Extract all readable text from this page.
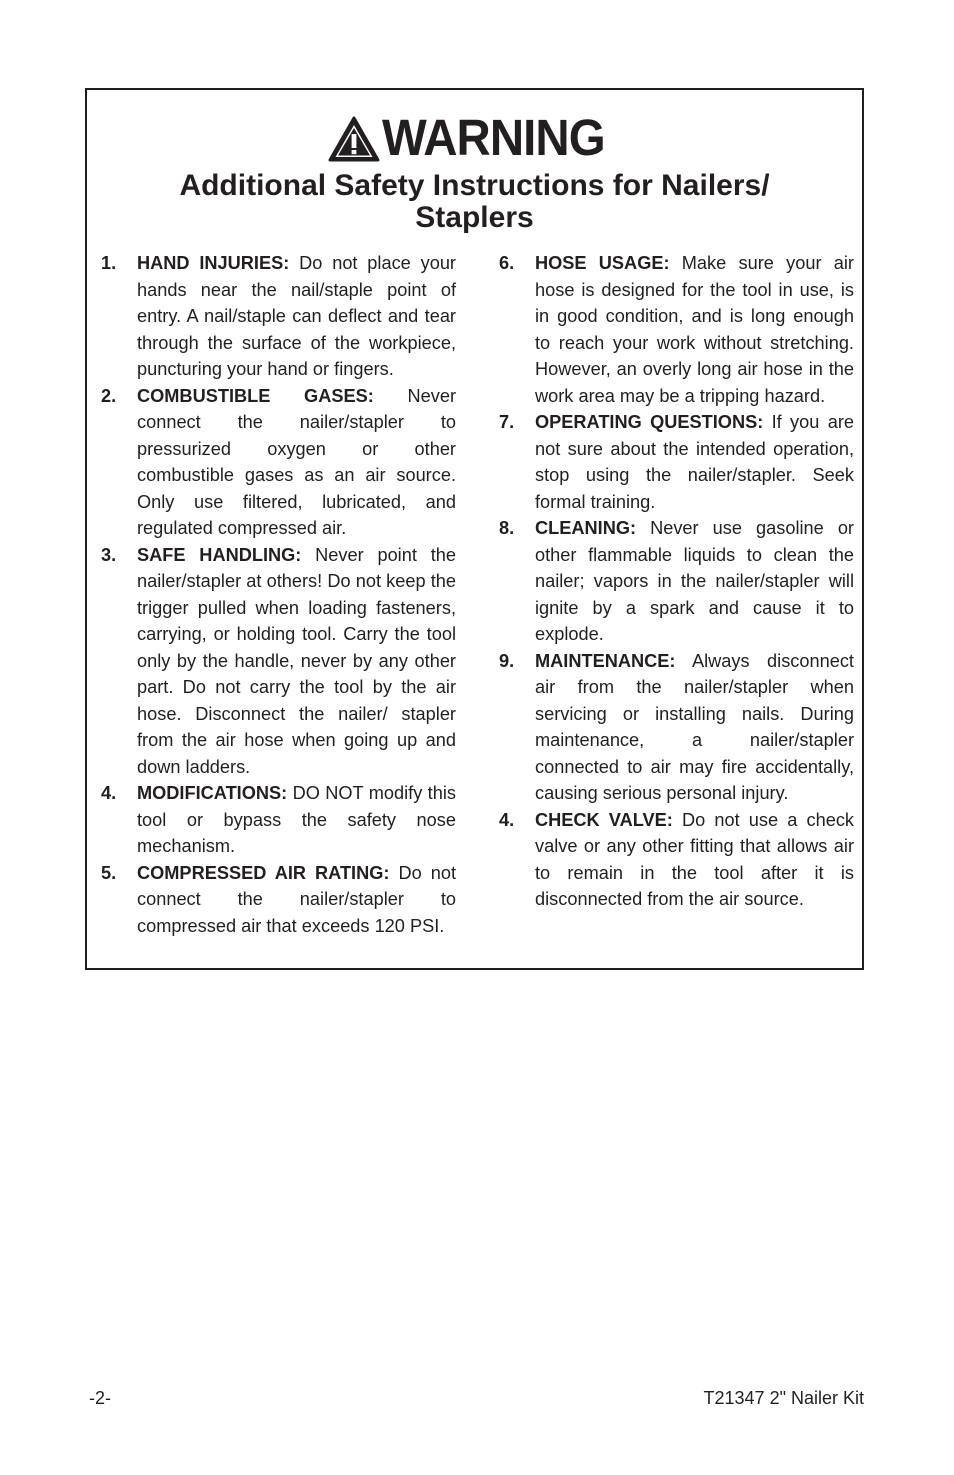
WARNING
Additional Safety Instructions for Nailers/ Staplers
1.	HAND INJURIES: Do not place your hands near the nail/staple point of entry. A nail/staple can deflect and tear through the surface of the workpiece, puncturing your hand or fingers.
2.	COMBUSTIBLE GASES: Never connect the nailer/stapler to pressurized oxygen or other combustible gases as an air source. Only use filtered, lubricated, and regulated compressed air.
3.	SAFE HANDLING: Never point the nailer/stapler at others! Do not keep the trigger pulled when loading fasteners, carrying, or holding tool. Carry the tool only by the handle, never by any other part. Do not carry the tool by the air hose. Disconnect the nailer/ stapler from the air hose when going up and down ladders.
4.	MODIFICATIONS: DO NOT modify this tool or bypass the safety nose mechanism.
5.	COMPRESSED AIR RATING: Do not connect the nailer/stapler to compressed air that exceeds 120 PSI.
6.	HOSE USAGE: Make sure your air hose is designed for the tool in use, is in good condition, and is long enough to reach your work without stretching. However, an overly long air hose in the work area may be a tripping hazard.
7.	OPERATING QUESTIONS: If you are not sure about the intended operation, stop using the nailer/stapler. Seek formal training.
8.	CLEANING: Never use gasoline or other flammable liquids to clean the nailer; vapors in the nailer/stapler will ignite by a spark and cause it to explode.
9.	MAINTENANCE: Always disconnect air from the nailer/stapler when servicing or installing nails. During maintenance, a nailer/stapler connected to air may fire accidentally, causing serious personal injury.
4.	CHECK VALVE: Do not use a check valve or any other fitting that allows air to remain in the tool after it is disconnected from the air source.
-2-	T21347 2" Nailer Kit
